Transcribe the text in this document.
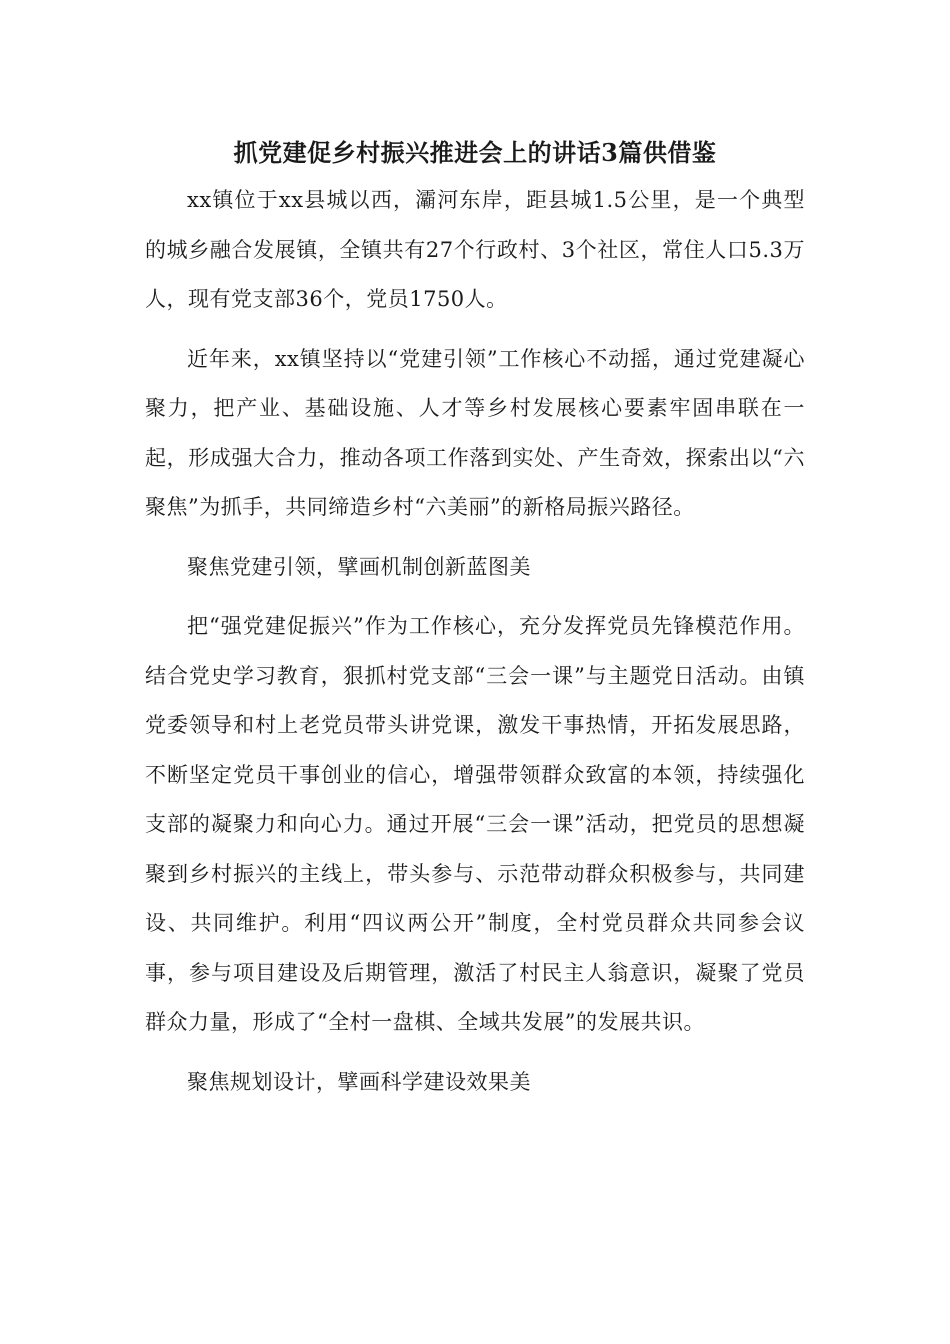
抓党建促乡村振兴推进会上的讲话3篇供借鉴

xx镇位于xx县城以西，灞河东岸，距县城1.5公里，是一个典型的城乡融合发展镇，全镇共有27个行政村、3个社区，常住人口5.3万人，现有党支部36个，党员1750人。

近年来，xx镇坚持以“党建引领”工作核心不动摇，通过党建凝心聚力，把产业、基础设施、人才等乡村发展核心要素牢固串联在一起，形成强大合力，推动各项工作落到实处、产生奇效，探索出以“六聚焦”为抓手，共同缔造乡村“六美丽”的新格局振兴路径。

聚焦党建引领，擘画机制创新蓝图美

把“强党建促振兴”作为工作核心，充分发挥党员先锋模范作用。结合党史学习教育，狠抓村党支部“三会一课”与主题党日活动。由镇党委领导和村上老党员带头讲党课，激发干事热情，开拓发展思路，不断坚定党员干事创业的信心，增强带领群众致富的本领，持续强化支部的凝聚力和向心力。通过开展“三会一课”活动，把党员的思想凝聚到乡村振兴的主线上，带头参与、示范带动群众积极参与，共同建设、共同维护。利用“四议两公开”制度，全村党员群众共同参会议事，参与项目建设及后期管理，激活了村民主人翁意识，凝聚了党员群众力量，形成了“全村一盘棋、全域共发展”的发展共识。

聚焦规划设计，擘画科学建设效果美
